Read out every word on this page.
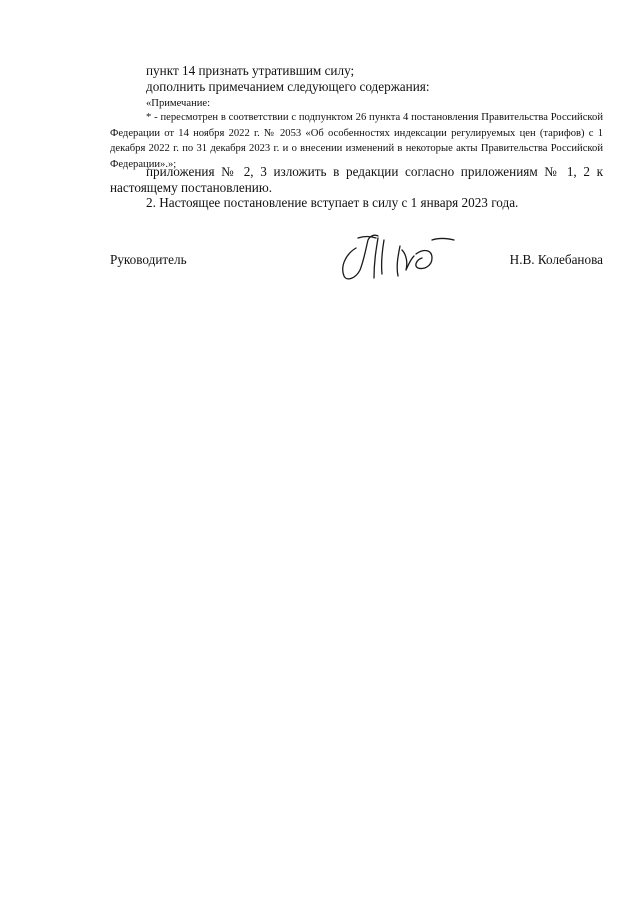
пункт 14 признать утратившим силу;

дополнить примечанием следующего содержания:

«Примечание:

* - пересмотрен в соответствии с подпунктом 26 пункта 4 постановления Правительства Российской Федерации от 14 ноября 2022 г. № 2053 «Об особенностях индексации регулируемых цен (тарифов) с 1 декабря 2022 г. по 31 декабря 2023 г. и о внесении изменений в некоторые акты Правительства Российской Федерации».»;

приложения № 2, 3 изложить в редакции согласно приложениям № 1, 2 к настоящему постановлению.

2. Настоящее постановление вступает в силу с 1 января 2023 года.

Руководитель	Н.В. Колебанова
